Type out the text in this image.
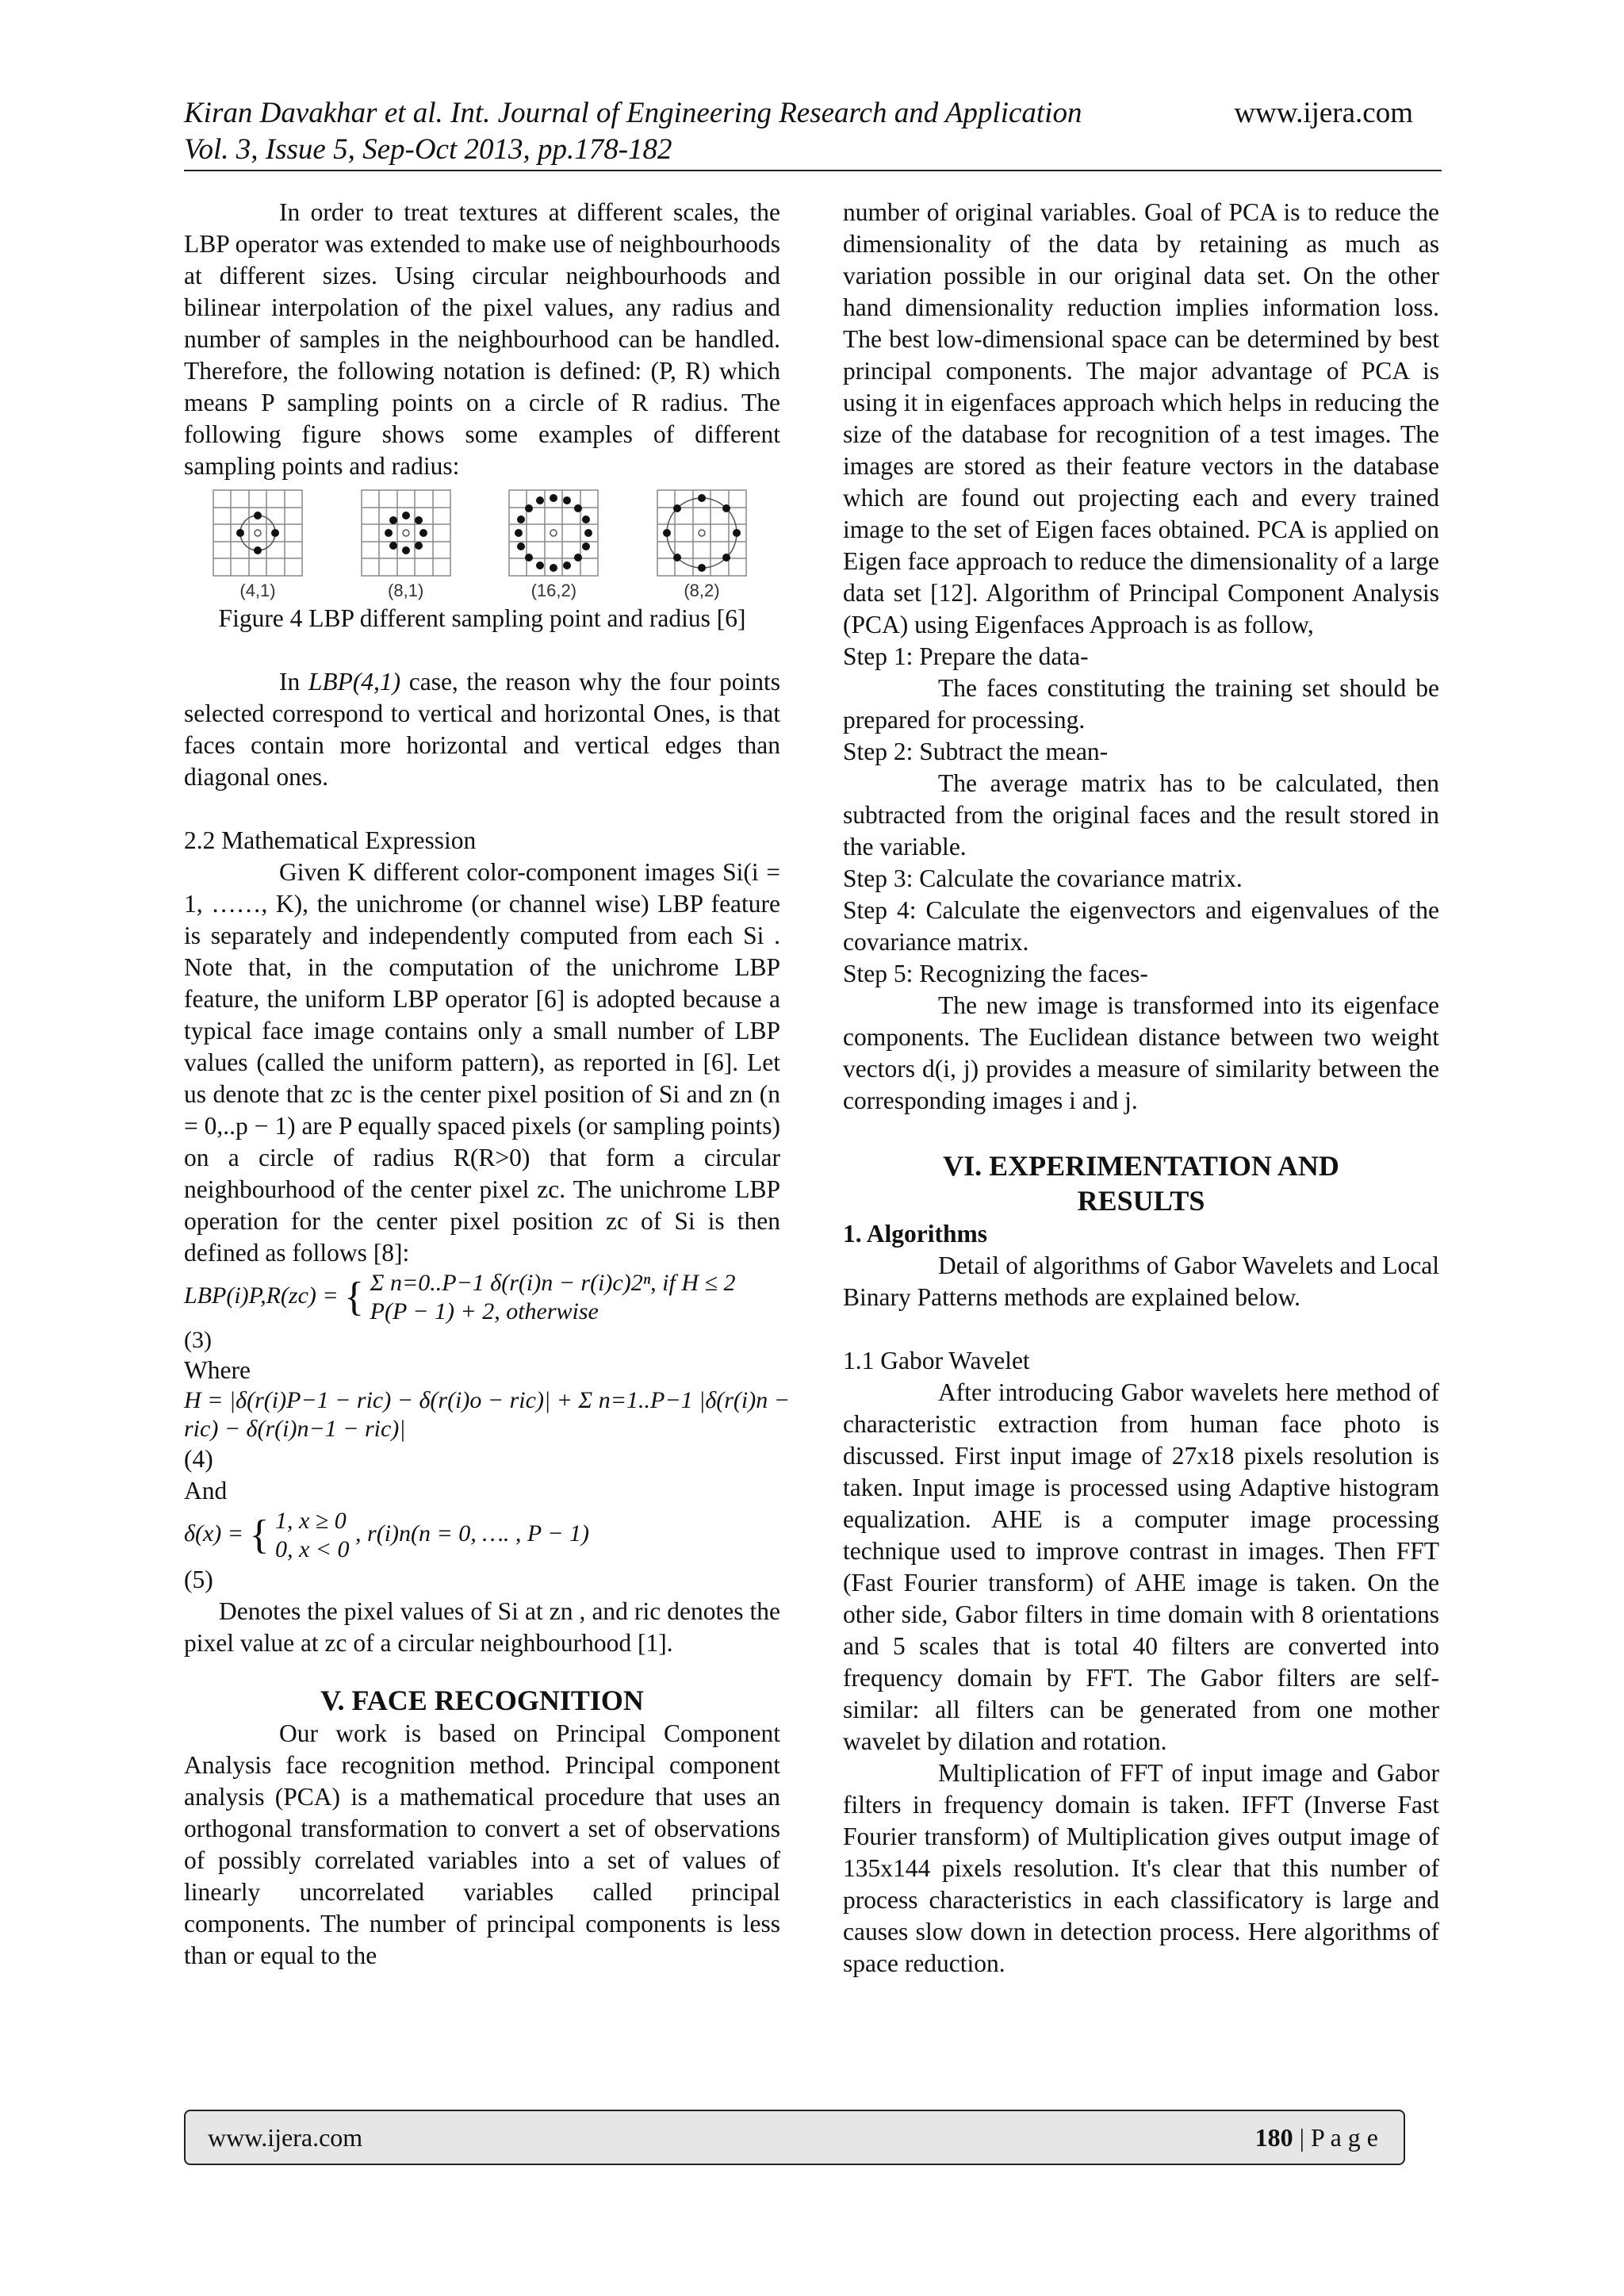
Kiran Davakhar et al. Int. Journal of Engineering Research and Application
Vol. 3, Issue 5, Sep-Oct 2013, pp.178-182
www.ijera.com

In order to treat textures at different scales, the LBP operator was extended to make use of neighbourhoods at different sizes. Using circular neighbourhoods and bilinear interpolation of the pixel values, any radius and number of samples in the neighbourhood can be handled. Therefore, the following notation is defined: (P, R) which means P sampling points on a circle of R radius. The following figure shows some examples of different sampling points and radius:

(4,1)	(8,1)	(16,2)	(8,2)

Figure 4 LBP different sampling point and radius [6]

In LBP(4,1) case, the reason why the four points selected correspond to vertical and horizontal Ones, is that faces contain more horizontal and vertical edges than diagonal ones.

2.2 Mathematical Expression

Given K different color-component images Si(i = 1, ……, K), the unichrome (or channel wise) LBP feature is separately and independently computed from each Si . Note that, in the computation of the unichrome LBP feature, the uniform LBP operator [6] is adopted because a typical face image contains only a small number of LBP values (called the uniform pattern), as reported in [6]. Let us denote that zc is the center pixel position of Si and zn (n = 0,..p − 1) are P equally spaced pixels (or sampling points) on a circle of radius R(R>0) that form a circular neighbourhood of the center pixel zc. The unichrome LBP operation for the center pixel position zc of Si is then defined as follows [8]:

LBP(i)P,R(zc) = { Σ n=0..P−1 δ(r(i)n − r(i)c)2ⁿ, if H ≤ 2
P(P − 1) + 2, otherwise
(3)

Where

H = |δ(r(i)P−1 − ric) − δ(r(i)o − ric)| + Σ n=1..P−1 |δ(r(i)n −
ric) − δ(r(i)n−1 − ric)|

(4)

And

δ(x) = { 1, x ≥ 0
0, x < 0
, r(i)n(n = 0, …. , P − 1)

(5)

Denotes the pixel values of Si at zn , and ric denotes the pixel value at zc of a circular neighbourhood [1].

V. FACE RECOGNITION

Our work is based on Principal Component Analysis face recognition method. Principal component analysis (PCA) is a mathematical procedure that uses an orthogonal transformation to convert a set of observations of possibly correlated variables into a set of values of linearly uncorrelated variables called principal components. The number of principal components is less than or equal to the

number of original variables. Goal of PCA is to reduce the dimensionality of the data by retaining as much as variation possible in our original data set. On the other hand dimensionality reduction implies information loss. The best low-dimensional space can be determined by best principal components. The major advantage of PCA is using it in eigenfaces approach which helps in reducing the size of the database for recognition of a test images. The images are stored as their feature vectors in the database which are found out projecting each and every trained image to the set of Eigen faces obtained. PCA is applied on Eigen face approach to reduce the dimensionality of a large data set [12]. Algorithm of Principal Component Analysis (PCA) using Eigenfaces Approach is as follow,

Step 1: Prepare the data-

The faces constituting the training set should be prepared for processing.

Step 2: Subtract the mean-

The average matrix has to be calculated, then subtracted from the original faces and the result stored in the variable.

Step 3: Calculate the covariance matrix.

Step 4: Calculate the eigenvectors and eigenvalues of the covariance matrix.

Step 5: Recognizing the faces-

The new image is transformed into its eigenface components. The Euclidean distance between two weight vectors d(i, j) provides a measure of similarity between the corresponding images i and j.

VI. EXPERIMENTATION AND
RESULTS

1. Algorithms

Detail of algorithms of Gabor Wavelets and Local Binary Patterns methods are explained below.

1.1 Gabor Wavelet

After introducing Gabor wavelets here method of characteristic extraction from human face photo is discussed. First input image of 27x18 pixels resolution is taken. Input image is processed using Adaptive histogram equalization. AHE is a computer image processing technique used to improve contrast in images. Then FFT (Fast Fourier transform) of AHE image is taken. On the other side, Gabor filters in time domain with 8 orientations and 5 scales that is total 40 filters are converted into frequency domain by FFT. The Gabor filters are self-similar: all filters can be generated from one mother wavelet by dilation and rotation.

Multiplication of FFT of input image and Gabor filters in frequency domain is taken. IFFT (Inverse Fast Fourier transform) of Multiplication gives output image of 135x144 pixels resolution. It's clear that this number of process characteristics in each classificatory is large and causes slow down in detection process. Here algorithms of space reduction.

www.ijera.com	180 | P a g e
